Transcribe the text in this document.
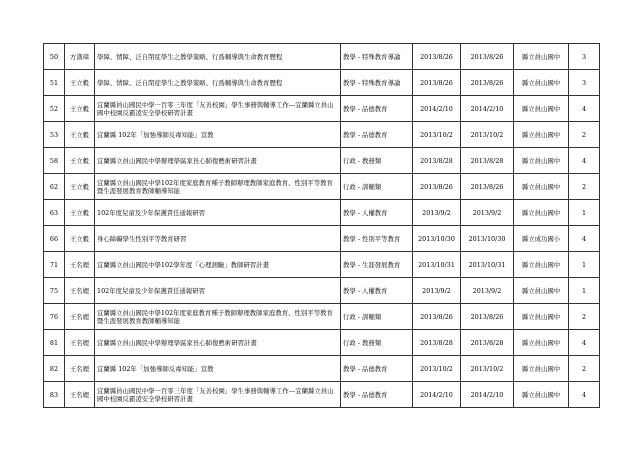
50	方漢璋	學障、情障、泛自閉症學生之教學策略、行爲輔導與生命教育歷程	教學 - 特殊教育導論	2013/8/26	2013/8/26	縣立員山國中	3
51	王立穀	學障、情障、泛自閉症學生之教學策略、行爲輔導與生命教育歷程	教學 - 特殊教育導論	2013/8/26	2013/8/26	縣立員山國中	3
52	王立穀	宜蘭縣員山國民中學一百零三年度「友善校園」學生事務與輔導工作---宜蘭縣立員山國中校園反霸凌安全學校研習計畫	教學 - 品德教育	2014/2/10	2014/2/10	縣立員山國中	4
53	王立穀	宜蘭縣 102年「加強導師反毒知能」宣教	教學 - 品德教育	2013/10/2	2013/10/2	縣立員山國中	2
58	王立穀	宜蘭縣立員山國民中學辦理學區家長心肺復甦術研習計畫	行政 - 教務類	2013/8/28	2013/8/28	縣立員山國中	4
62	王立穀	宜蘭縣立員山國民中學102年度家庭教育種子教師辦理教師家庭教育、性別平等教育暨生涯發展教育教師輔導知能	行政 - 訓輔類	2013/8/26	2013/8/26	縣立員山國中	2
63	王立穀	102年度兒童及少年保護責任通報研習	教學 - 人權教育	2013/9/2	2013/9/2	縣立員山國中	1
66	王立穀	身心障礙學生性別平等教育研習	教學 - 性別平等教育	2013/10/30	2013/10/30	縣立成功國小	4
71	王名娌	宜蘭縣立員山國民中學102學年度「心理測驗」教師研習計畫	教學 - 生涯發展教育	2013/10/31	2013/10/31	縣立員山國中	1
75	王名娌	102年度兒童及少年保護責任通報研習	教學 - 人權教育	2013/9/2	2013/9/2	縣立員山國中	1
76	王名娌	宜蘭縣立員山國民中學102年度家庭教育種子教師辦理教師家庭教育、性別平等教育暨生涯發展教育教師輔導知能	行政 - 訓輔類	2013/8/26	2013/8/26	縣立員山國中	2
81	王名娌	宜蘭縣立員山國民中學辦理學區家長心肺復甦術研習計畫	行政 - 教務類	2013/8/28	2013/8/28	縣立員山國中	4
82	王名娌	宜蘭縣 102年「加強導師反毒知能」宣教	教學 - 品德教育	2013/10/2	2013/10/2	縣立員山國中	2
83	王名娌	宜蘭縣員山國民中學一百零三年度「友善校園」學生事務與輔導工作---宜蘭縣立員山國中校園反霸凌安全學校研習計畫	教學 - 品德教育	2014/2/10	2014/2/10	縣立員山國中	4
